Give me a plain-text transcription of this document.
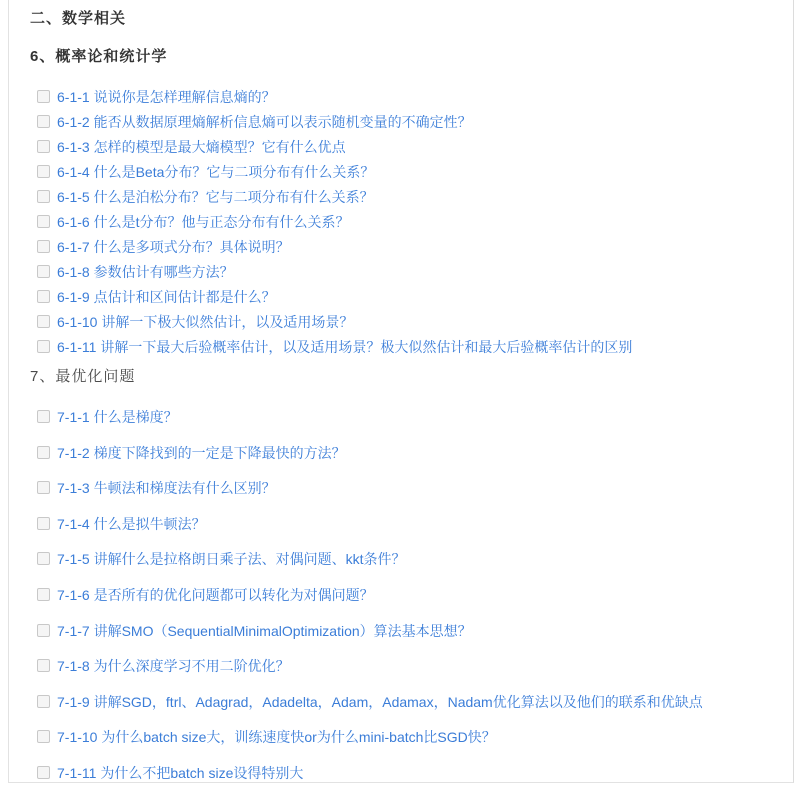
二、数学相关
6、概率论和统计学
6-1-1 说说你是怎样理解信息熵的？
6-1-2 能否从数据原理熵解析信息熵可以表示随机变量的不确定性？
6-1-3 怎样的模型是最大熵模型？它有什么优点
6-1-4 什么是Beta分布？它与二项分布有什么关系？
6-1-5 什么是泊松分布？它与二项分布有什么关系？
6-1-6 什么是t分布？他与正态分布有什么关系？
6-1-7 什么是多项式分布？具体说明？
6-1-8 参数估计有哪些方法？
6-1-9 点估计和区间估计都是什么？
6-1-10 讲解一下极大似然估计，以及适用场景？
6-1-11 讲解一下最大后验概率估计，以及适用场景？极大似然估计和最大后验概率估计的区别
7、最优化问题
7-1-1 什么是梯度？
7-1-2 梯度下降找到的一定是下降最快的方法？
7-1-3 牛顿法和梯度法有什么区别？
7-1-4 什么是拟牛顿法？
7-1-5 讲解什么是拉格朗日乘子法、对偶问题、kkt条件？
7-1-6 是否所有的优化问题都可以转化为对偶问题？
7-1-7 讲解SMO（SequentialMinimalOptimization）算法基本思想？
7-1-8 为什么深度学习不用二阶优化？
7-1-9 讲解SGD，ftrl、Adagrad，Adadelta，Adam，Adamax，Nadam优化算法以及他们的联系和优缺点
7-1-10 为什么batch size大，训练速度快or为什么mini-batch比SGD快？
7-1-11 为什么不把batch size设得特别大
